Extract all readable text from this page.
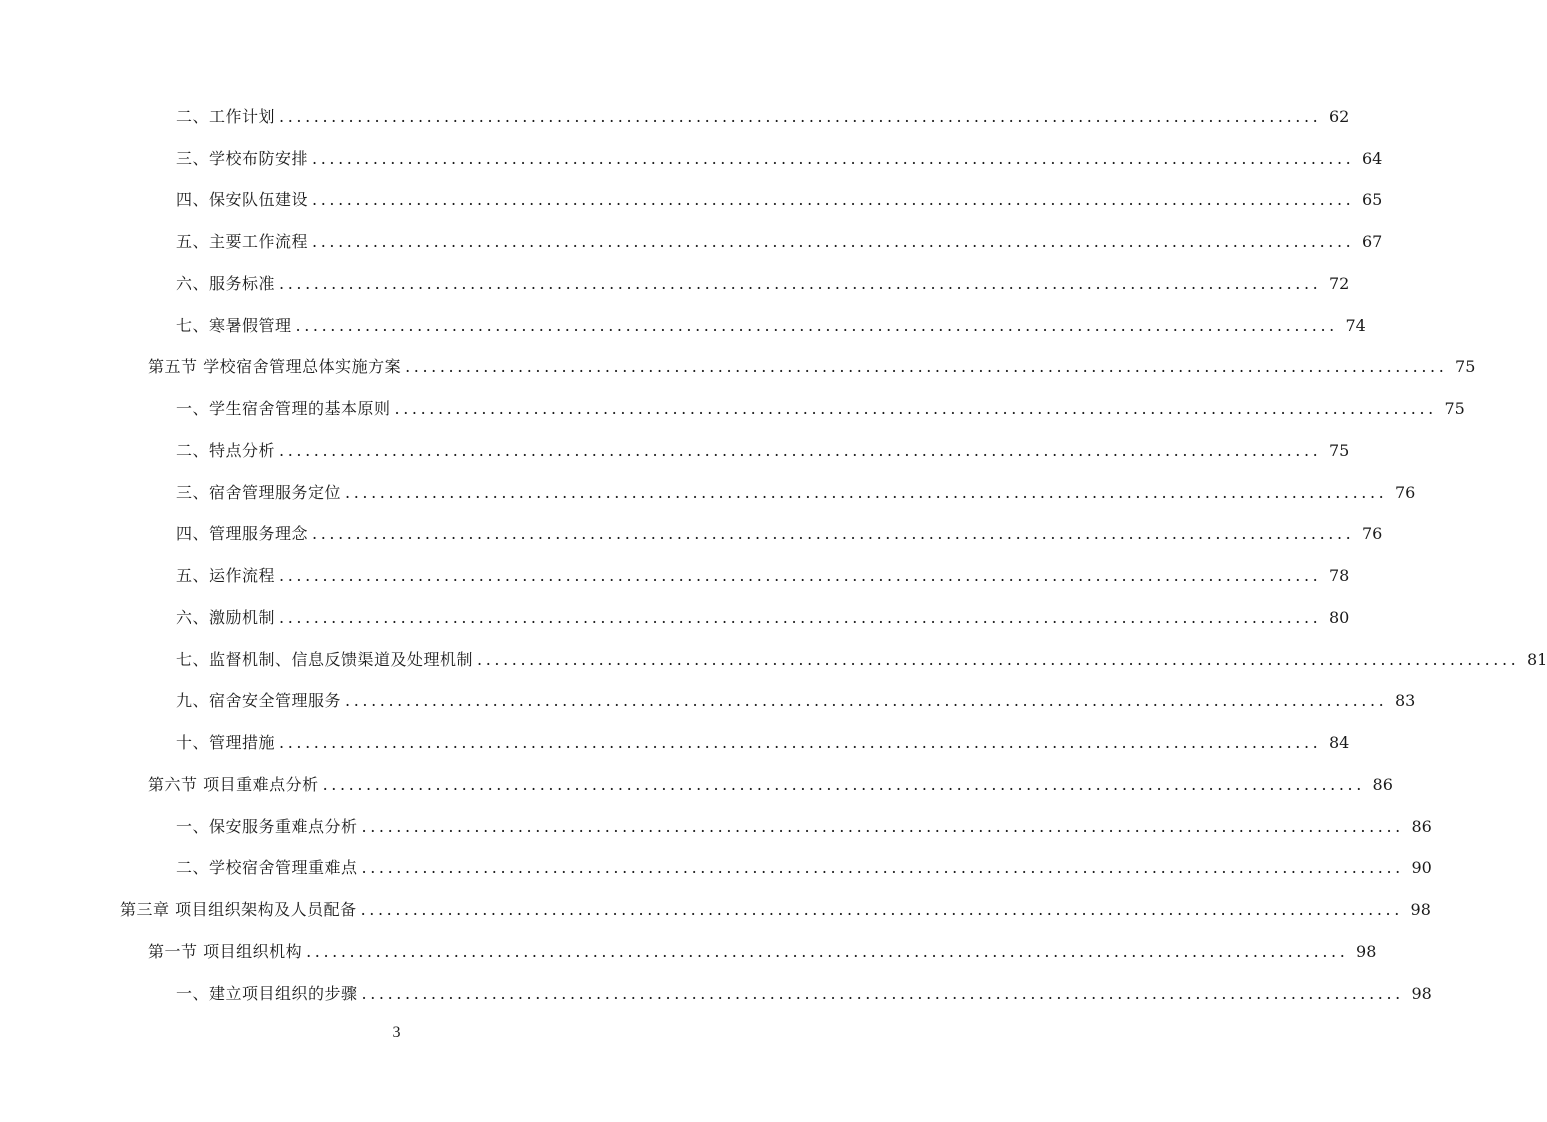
二、工作计划 ........................................................................................................................ 62
三、学校布防安排 ........................................................................................................................ 64
四、保安队伍建设 ........................................................................................................................ 65
五、主要工作流程 ........................................................................................................................ 67
六、服务标准 ........................................................................................................................ 72
七、寒暑假管理 ........................................................................................................................ 74
第五节 学校宿舍管理总体实施方案 ........................................................................................................................ 75
一、学生宿舍管理的基本原则 ........................................................................................................................ 75
二、特点分析 ........................................................................................................................ 75
三、宿舍管理服务定位 ........................................................................................................................ 76
四、管理服务理念 ........................................................................................................................ 76
五、运作流程 ........................................................................................................................ 78
六、激励机制 ........................................................................................................................ 80
七、监督机制、信息反馈渠道及处理机制 ........................................................................................................................ 81
九、宿舍安全管理服务 ........................................................................................................................ 83
十、管理措施 ........................................................................................................................ 84
第六节 项目重难点分析 ........................................................................................................................ 86
一、保安服务重难点分析 ........................................................................................................................ 86
二、学校宿舍管理重难点 ........................................................................................................................ 90
第三章 项目组织架构及人员配备 ........................................................................................................................ 98
第一节 项目组织机构 ........................................................................................................................ 98
一、建立项目组织的步骤 ........................................................................................................................ 98
3
